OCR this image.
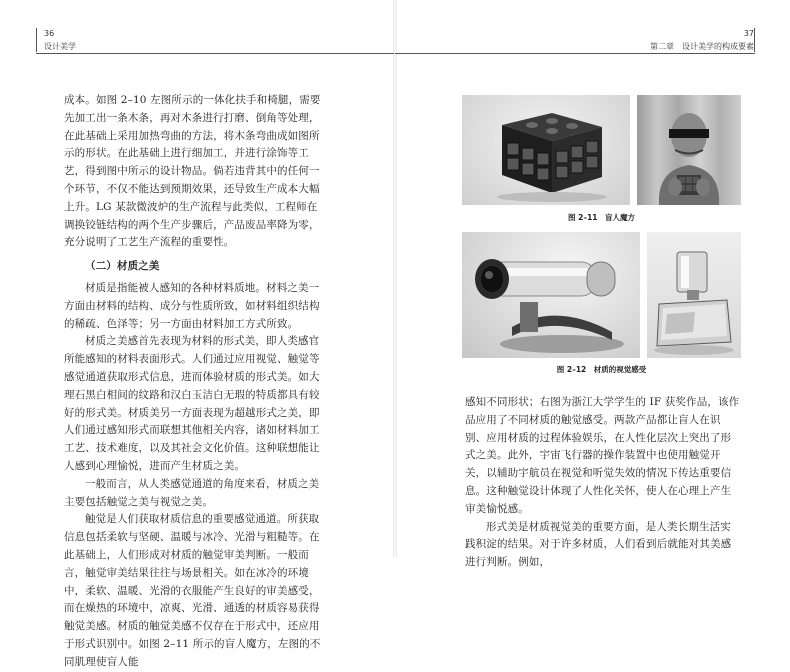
36
设计美学

成本。如图 2–10 左图所示的一体化扶手和椅腿，需要先加工出一条木条，再对木条进行打磨、倒角等处理，在此基础上采用加热弯曲的方法，将木条弯曲成如图所示的形状。在此基础上进行细加工，并进行涂饰等工艺，得到图中所示的设计物品。倘若违背其中的任何一个环节，不仅不能达到预期效果，还导致生产成本大幅上升。LG 某款微波炉的生产流程与此类似，工程师在调换铰链结构的两个生产步骤后，产品废品率降为零，充分说明了工艺生产流程的重要性。

（二）材质之美

材质是指能被人感知的各种材料质地。材料之美一方面由材料的结构、成分与性质所致，如材料组织结构的稀疏、色泽等；另一方面由材料加工方式所致。

材质之美感首先表现为材料的形式美，即人类感官所能感知的材料表面形式。人们通过应用视觉、触觉等感觉通道获取形式信息，进而体验材质的形式美。如大理石黑白相间的纹路和汉白玉洁白无瑕的特质都具有较好的形式美。材质美另一方面表现为超越形式之美，即人们通过感知形式而联想其他相关内容，诸如材料加工工艺、技术难度，以及其社会文化价值。这种联想能让人感到心理愉悦，进而产生材质之美。

一般而言，从人类感觉通道的角度来看，材质之美主要包括触觉之美与视觉之美。

触觉是人们获取材质信息的重要感觉通道。所获取信息包括柔软与坚硬、温暖与冰冷、光滑与粗糙等。在此基础上，人们形成对材质的触觉审美判断。一般而言，触觉审美结果往往与场景相关。如在冰冷的环境中，柔软、温暖、光滑的衣服能产生良好的审美感受，而在燥热的环境中，凉爽、光滑、通透的材质容易获得触觉美感。材质的触觉美感不仅存在于形式中，还应用于形式识别中。如图 2–11 所示的盲人魔方，左图的不同肌理使盲人能

37
第二章　设计美学的构成要素
图 2–11　盲人魔方
图 2–12　材质的视觉感受

感知不同形状；右图为浙江大学学生的 IF 获奖作品，该作品应用了不同材质的触觉感受。两款产品都让盲人在识别、应用材质的过程体验娱乐，在人性化层次上突出了形式之美。此外，宇宙飞行器的操作装置中也使用触觉开关，以辅助宇航员在视觉和听觉失效的情况下传达重要信息。这种触觉设计体现了人性化关怀，使人在心理上产生审美愉悦感。

形式美是材质视觉美的重要方面，是人类长期生活实践积淀的结果。对于许多材质，人们看到后就能对其美感进行判断。例如，
